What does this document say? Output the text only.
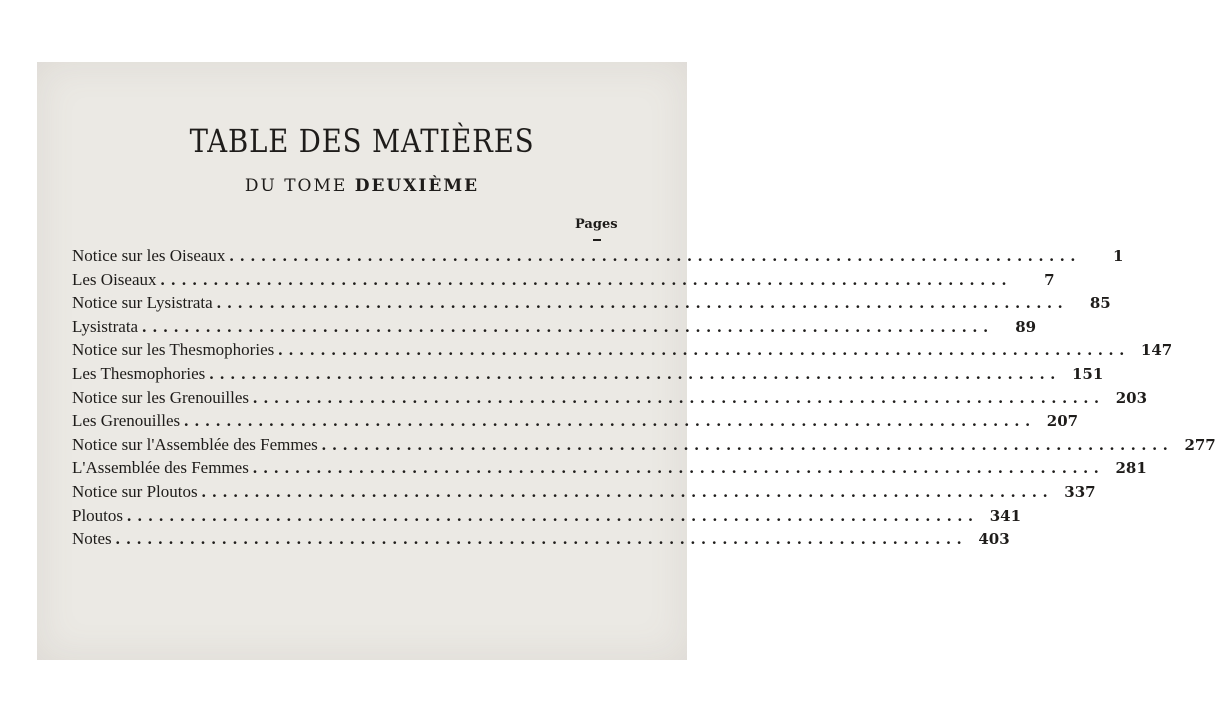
TABLE DES MATIÈRES
DU TOME DEUXIÈME
Pages
Notice sur les Oiseaux ................................................................................	1
Les Oiseaux ................................................................................	7
Notice sur Lysistrata ................................................................................	85
Lysistrata ................................................................................	89
Notice sur les Thesmophories ................................................................................ 147
Les Thesmophories ................................................................................ 151
Notice sur les Grenouilles ................................................................................ 203
Les Grenouilles ................................................................................ 207
Notice sur l'Assemblée des Femmes ................................................................................ 277
L'Assemblée des Femmes ................................................................................ 281
Notice sur Ploutos ................................................................................ 337
Ploutos ................................................................................ 341
Notes ................................................................................ 403
